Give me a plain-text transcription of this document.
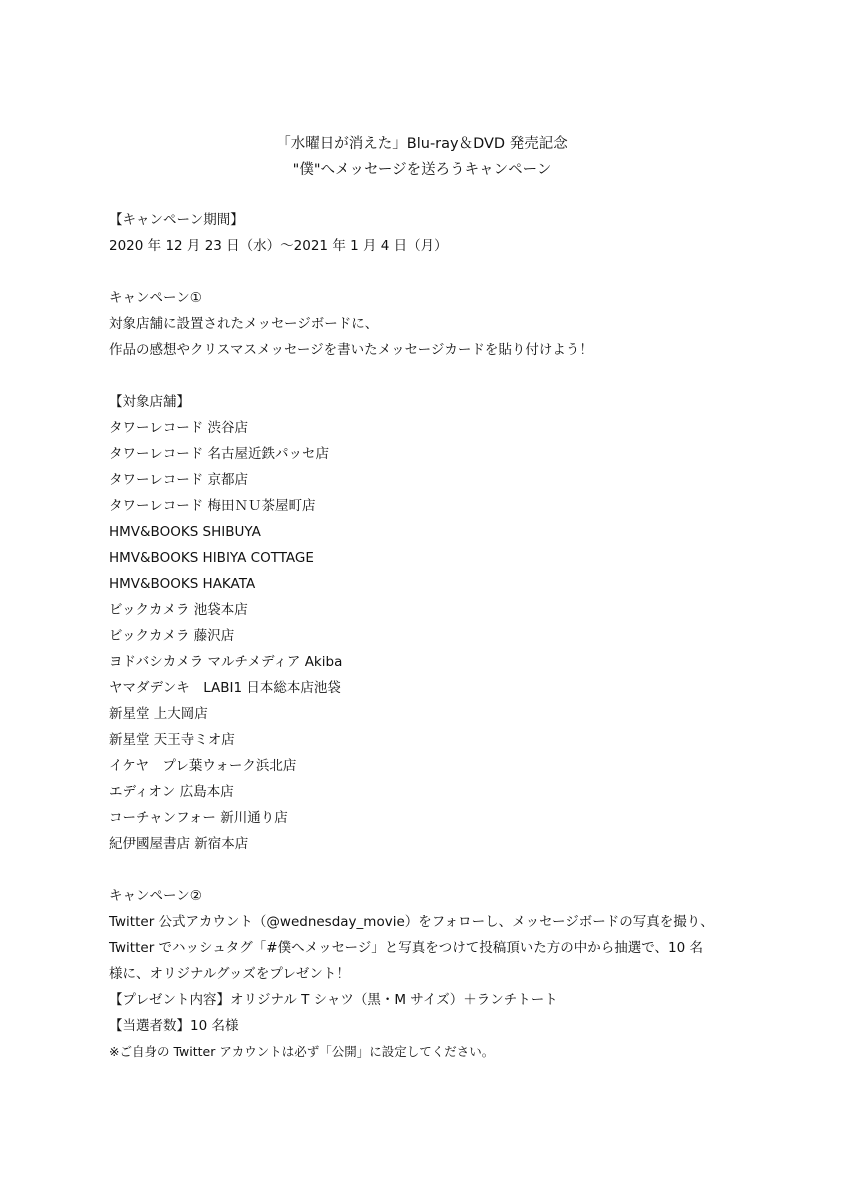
「水曜日が消えた」Blu-ray＆DVD 発売記念
"僕"へメッセージを送ろうキャンペーン
【キャンペーン期間】
2020 年 12 月 23 日（水）～2021 年 1 月 4 日（月）
キャンペーン①
対象店舗に設置されたメッセージボードに、
作品の感想やクリスマスメッセージを書いたメッセージカードを貼り付けよう！
【対象店舗】
タワーレコード 渋谷店
タワーレコード 名古屋近鉄パッセ店
タワーレコード 京都店
タワーレコード 梅田ＮＵ茶屋町店
HMV&BOOKS SHIBUYA
HMV&BOOKS HIBIYA COTTAGE
HMV&BOOKS HAKATA
ビックカメラ 池袋本店
ビックカメラ 藤沢店
ヨドバシカメラ マルチメディア Akiba
ヤマダデンキ　LABI1 日本総本店池袋
新星堂 上大岡店
新星堂 天王寺ミオ店
イケヤ　プレ葉ウォーク浜北店
エディオン 広島本店
コーチャンフォー 新川通り店
紀伊國屋書店 新宿本店
キャンペーン②
Twitter 公式アカウント（@wednesday_movie）をフォローし、メッセージボードの写真を撮り、
Twitter でハッシュタグ「#僕へメッセージ」と写真をつけて投稿頂いた方の中から抽選で、10 名
様に、オリジナルグッズをプレゼント！
【プレゼント内容】オリジナル T シャツ（黒・M サイズ）＋ランチトート
【当選者数】10 名様
※ご自身の Twitter アカウントは必ず「公開」に設定してください。
